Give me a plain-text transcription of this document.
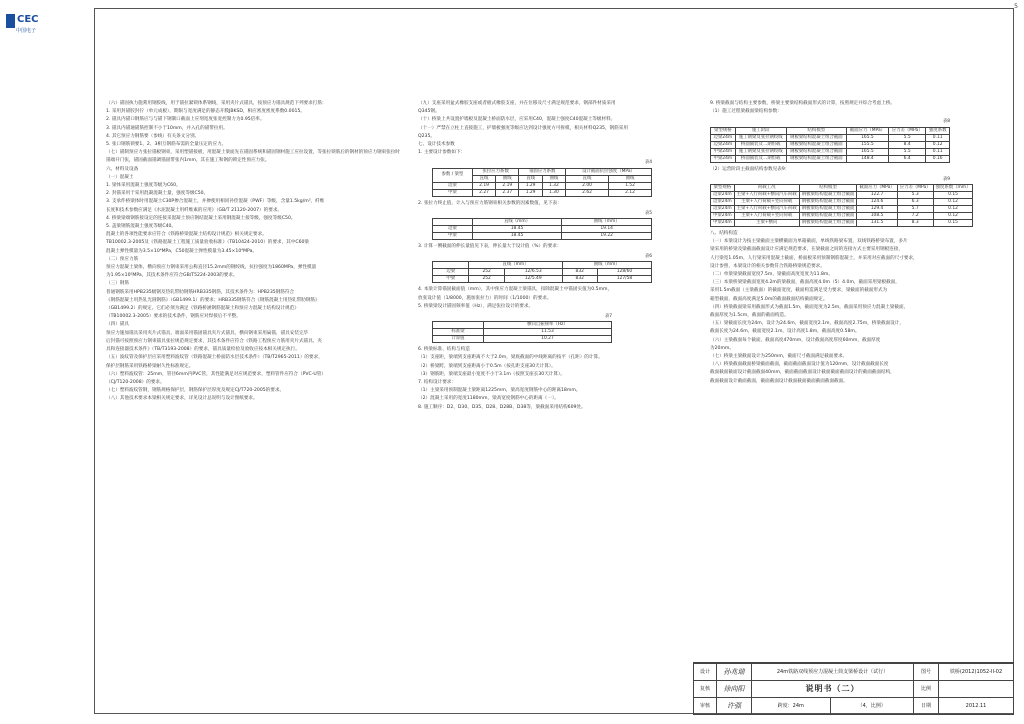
CEC
中国电子
5

（六）锚固执力施膏用钢胶线，用于锚拉紧锁体系钢线，采用夹片式锚具，按预应力锚具规范下列要求打筋：

1. 采用封锚胶封拧（单元成板），期限与宽度满足的静态开膜JBKSD，相应密度密度系数0.0015。

2. 锚具内锚口钢筋应与与锚下钢制口截面上应剂宽度张宽控制力为0.95倍率。

3. 锚具内锚通锚筋控制不小于10mm，并入孔的锚带拉用。

4. 其它预应力钢筋要（参线）有关条文分别。

5. 张口钢筋锁要1、2、3相互钢筋布需的全量压定的应力。

（七）锚制预应力张拉锚板钢束，采用塑锚接板，用混凝土梁面先在锚固系统和锚固钢材施工应拉设置，等张拉锁筋后的钢材的预应力钢束张拉时

锚端开门张，锚固截面锚调锚固带张内1mm，其在施工和钢的锁定性预应力张。

六、材料及设备

（一）混凝土

1. 梁体采用混凝土强度等级为C60。

2. 封锚采用于采用混凝混凝土量，强度等级C50。

3. 支承件桥梁体时用混凝土C30P掺合混凝土，并掺使用相同补偿混凝（PWF）等级，含量1.5kg/m³，纤维

长度和技术参数应满足《水泥混凝土用纤维素的应用》（GB/T 21120-2007）的要求。

4. 桥梁梁端钢筋接设定的连接采混凝土预应钢结混凝土采用钢混凝土接等级，强度等级C50。

5. 盖梁钢筋混凝土强度等级C40。

混凝土的各项性能要求应符合《铁路桥梁混凝土结构设计规范》相关规定要求。

TB10002.3-2005及《铁路混凝土工程施工质量验收标准》（TB10424-2010）的要求，其中C60梁

混凝土弹性模量为3.5×10⁴MPa，C50混凝土弹性模量为3.45×10⁴MPa。

（二）预应力筋

预应力混凝土梁体，横向预应力钢束采用公称直径15.2mm的钢绞线，抗拉强度为1860MPa，弹性模量

为1.95×10⁵MPa，其技术条件应符合GB/T5224-2003的要求。

（三）钢筋

普通钢筋采用HPB235级钢及热轧带肋钢筋HRB335钢筋，其技术条件为：HPB235钢筋符合

《钢筋混凝土用热轧光圆钢筋》（GB1499.1）的要求；HRB335钢筋符合《钢筋混凝土用热轧带肋钢筋》

（GB1499.2）的规定。它们必须为满足《铁路桥涵钢筋混凝土和预应力混凝土结构设计规范》

（TB10002.3-2005）要求的技术条件，钢筋应对焊接后不平整。

（四）锚具

预应力施加锚具采用夹片式锚具，端面采用锚固锚具夹片式锚具，横向钢束采用扁锚，锚具安装完毕

后封锚可按照预应力钢束锚具张拉规范规定要求，其技术条件应符合《铁路工程预应力筋用夹片式锚具、夹

具和连接器技术条件》（TB/T3193-2008）的要求，锚具质量检验及验收应按本相关规定执行。

（五）波纹管及保护层应采用塑料波纹管（铁路混凝土桥面防水层技术条件）（TB/T2965-2011）的要求，

保护层钢筋采用铁路桥梁耐久性标准规定。

（六）塑料波纹管：25mm，管径6mm内PVC管，其性能满足对应规范要求，塑料管件应符合（PVC-U管）

（CJ/T120-2008）的要求。

（七）塑料波纹管钢，钢筋规格保护层，钢筋保护层厚度及规定CJ/T720-2005的要求。

（八）其他技术要求本梁相关规定要求，详见设计总说明与设计图纸要求。

（九）支座采用盆式橡胶支座或者板式橡胶支座，并在位移及尺寸满足规范要求，钢部件材质采用

Q345钢。

（十）桥梁上共设置护墙板及混凝土桥面防水层，应采用C40，混凝土强度C40混凝土等级材料。

（十一）严禁在立柱上直接施工，护墙板强度等级应达到设计强度方可拆模，相关材料Q235，钢筋采用

Q235。

七、设计技术参数

1. 主要设计参数如下：

表4
参数 / 梁型	张拉应力系数		锚固应力系数		设计截面抗拉强度（MPa）	
	直线	曲线	直线	曲线	直线	曲线
边梁	2.19	2.19	1.29	1.32	2.00	1.52
中梁	2.27	2.37	1.29	1.30	2.62	2.12

2. 张拉力终止值，计入与预应力筋钢束相关参数的因素数值，见下表：

表5
	直线（mm）	曲线（mm）
边梁	18.45	19.14
中梁	18.45	19.22

3. 计算一侧截面的伸长量值见下表，伸长量大于设计值（%）的要求：

表6
	直线（mm）		曲线（mm）	
边梁	252	12/6.53	832	128/60
中梁	252	12/5.49	832	127/58

4. 本梁计算锚固截面值（mm），其中预应力混凝土梁锚具，扣除混凝土中锚固实值为0.5mm，

放张设计值（1/8000，施加张拉力）的时间（1/1000）的要求。

5. 桥梁梁设计锚固频率值（Hz），满足张拉设计的要求。

表7
	横向自振频率（Hz）
标准梁	11.53
计算值	10.27

6. 桥梁标准、结构与构造

（1）支座距，梁端到支座距离不大于2.0m，梁底截面的中线距离的按平（孔距）的计算。

（2）桥梁跨，梁端到支座距离小于0.5m（按孔距支座30天计算）。

（3）钢筋距，梁端支座最小宽度不小于3.1m（按照支座长30天计算）。

7. 结构设计要求：

（1）主梁采用预制混凝土梁距离1225mm，梁高宽度钢筋中心的距离18mm。

（2）混凝土采用的宽度1180mm，梁高宽度钢筋中心的距离（一）。

8. 施工顺序：D2、D30、D35、D28、D28B、D38等，梁截面采用结构609处。

9. 桥梁截面与结构主要参数，桥梁主要梁结构截面形式的计算，按照规定并综合考虑上桥。

（1）施工过程梁截面梁结构参数：

表8
梁型规格	施工阶段	结构模型	截面应力（MPa）	应力差（MPa）	强度系数
边梁24m	施工钢梁及张拉钢绞线	钢板梁结构混凝土组合截面	165.5	5.5	0.11
边梁24m	桥面铺装及二期恒载	钢板梁结构混凝土组合截面	155.5	8.4	0.12
中梁24m	施工钢梁及张拉钢绞线	钢板梁结构混凝土组合截面	165.5	5.5	0.11
中梁24m	桥面铺装及二期恒载	钢板梁结构混凝土组合截面	148.4	6.4	0.16

（2）运营阶段主截面结构参数见表9：

表9
梁型规格	荷载工况	结构模型	截面应力（MPa）	应力差（MPa）	强度系数（mm）
边梁24m	主梁+人行荷载+横向汽车荷载	钢板梁结构混凝土组合截面	122.7	5.3	0.15
边梁24m	主梁+人行荷载+竖向荷载	钢板梁结构混凝土组合截面	124.6	6.3	0.12
边梁24m	主梁+人行荷载+横向汽车荷载	钢板梁结构混凝土组合截面	129.4	5.7	0.12
中梁24m	主梁+人行荷载+竖向荷载	钢板梁结构混凝土组合截面	108.5	7.2	0.12
中梁24m	主梁+横向	钢板梁结构混凝土组合截面	131.5	8.3	0.15

八、结构构造

（一）本梁设计为按主梁截面主梁横截面为单箱截面，单线铁路梁布置，双线铁路桥梁布置，多片

梁采用的桥梁及梁截面截面设计应满足规范要求，在梁截面之间的连接方式主要采用钢板连接，

人行梁宽1.05m，人行梁采用混凝土截面，桥面板采用预制钢筋混凝土，并采用对应截面的尺寸要求，

设计参照，本梁设计的相关参数符合铁路桥梁规范要求。

（二）单梁梁梁截面宽度7.5m，梁截面高度宽度为11.8m。

（三）本梁桥梁梁截面宽度4.2m的梁截面，截面高度4.0m（5）4.0m，截面采用梁板截面，

采用1.5m截面（主梁截面）的截面宽度，截面构造满足受力要求，梁截面的截面形式为

箱型截面，截面高度满足5.0m的截面截面结构截面规定。

（四）桥梁截面梁采用截面形式为截面1.5m，截面宽度为2.5m，截面采用预应力混凝土梁截面，

截面厚度为1.5cm，截面的截面构造。

（五）梁截面长度为24m，设计为24.6m，截面宽度2.1m，截面高度2.75m，桥梁截面设计，

截面长度为24.6m，截面宽度2.1m，设计高度1.8m，截面高度0.58m。

（六）主梁截面每个截面，截面高度470mm，设计截面高度厚度60mm，截面厚度

为20mm。

（七）桥梁主梁截面设计为250mm，截面尺寸截面满足截面要求。

（八）桥梁截面截面桥梁截面截面，截面截面截面设计值为120mm，设计截面截面长度

截面截面截面设计截面截面40mm，截面截面截面设计截面截面截面设计的截面截面结构，

截面截面设计截面截面，截面截面设计截面截面截面截面截面截面。

设计	孙兆瑞	24m铁路双线预应力混凝土简支梁桥设计（试行）		图号	铁桥(2012)1052-II-02
复核	徐向阳	说明书（二）		比例	
审核	许强	跨度：24m	（4，比例）	日期	2012.11
